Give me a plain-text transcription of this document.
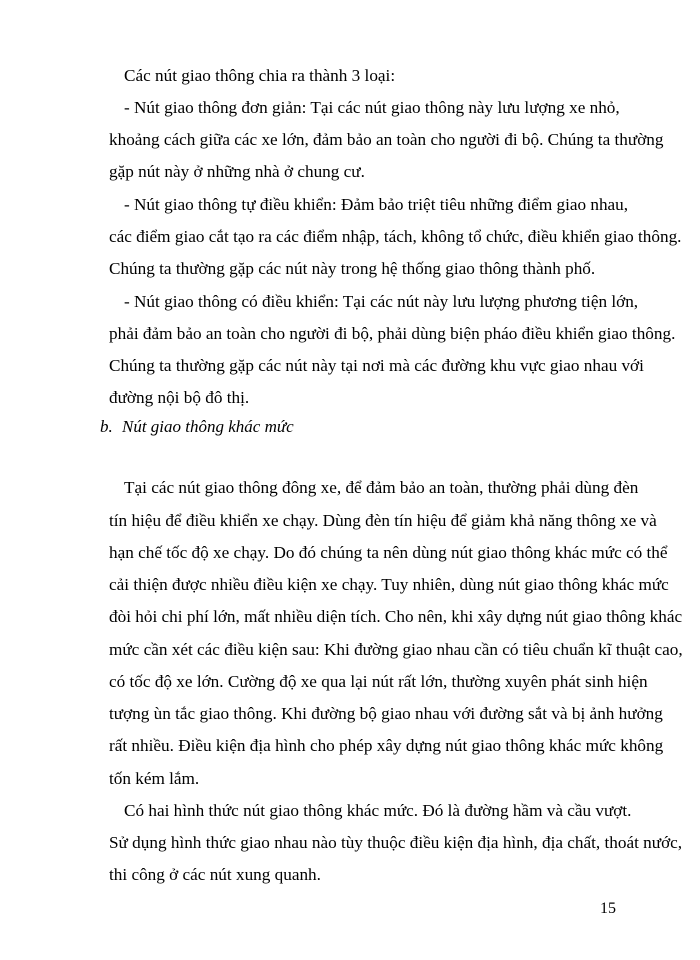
Các nút giao thông chia ra thành 3 loại:
- Nút giao thông đơn giản: Tại các nút giao thông này lưu lượng xe nhỏ,
khoảng cách giữa các xe lớn, đảm bảo an toàn cho người đi bộ. Chúng ta thường
gặp nút này ở những nhà ở chung cư.
- Nút giao thông tự điều khiển: Đảm bảo triệt tiêu những điểm giao nhau,
các điểm giao cắt tạo ra các điểm nhập, tách, không tổ chức, điều khiển giao thông.
Chúng ta thường gặp các nút này trong hệ thống giao thông thành phố.
- Nút giao thông có điều khiển: Tại các nút này lưu lượng phương tiện lớn,
phải đảm bảo an toàn cho người đi bộ, phải dùng biện pháo điều khiển giao thông.
Chúng ta thường gặp các nút này tại nơi mà các đường khu vực giao nhau với
đường nội bộ đô thị.
b. Nút giao thông khác mức
Tại các nút giao thông đông xe, để đảm bảo an toàn, thường phải dùng đèn
tín hiệu để điều khiển xe chạy. Dùng đèn tín hiệu để giảm khả năng thông xe và
hạn chế tốc độ xe chạy. Do đó chúng ta nên dùng nút giao thông khác mức có thể
cải thiện được nhiều điều kiện xe chạy. Tuy nhiên, dùng nút giao thông khác mức
đòi hỏi chi phí lớn, mất nhiều diện tích. Cho nên, khi xây dựng nút giao thông khác
mức cần xét các điều kiện sau: Khi đường giao nhau cần có tiêu chuẩn kĩ thuật cao,
có tốc độ xe lớn. Cường độ xe qua lại nút rất lớn, thường xuyên phát sinh hiện
tượng ùn tắc giao thông. Khi đường bộ giao nhau với đường sắt và bị ảnh hưởng
rất nhiều. Điều kiện địa hình cho phép xây dựng nút giao thông khác mức không
tốn kém lắm.
Có hai hình thức nút giao thông khác mức. Đó là đường hầm và cầu vượt.
Sử dụng hình thức giao nhau nào tùy thuộc điều kiện địa hình, địa chất, thoát nước,
thi công ở các nút xung quanh.
15
